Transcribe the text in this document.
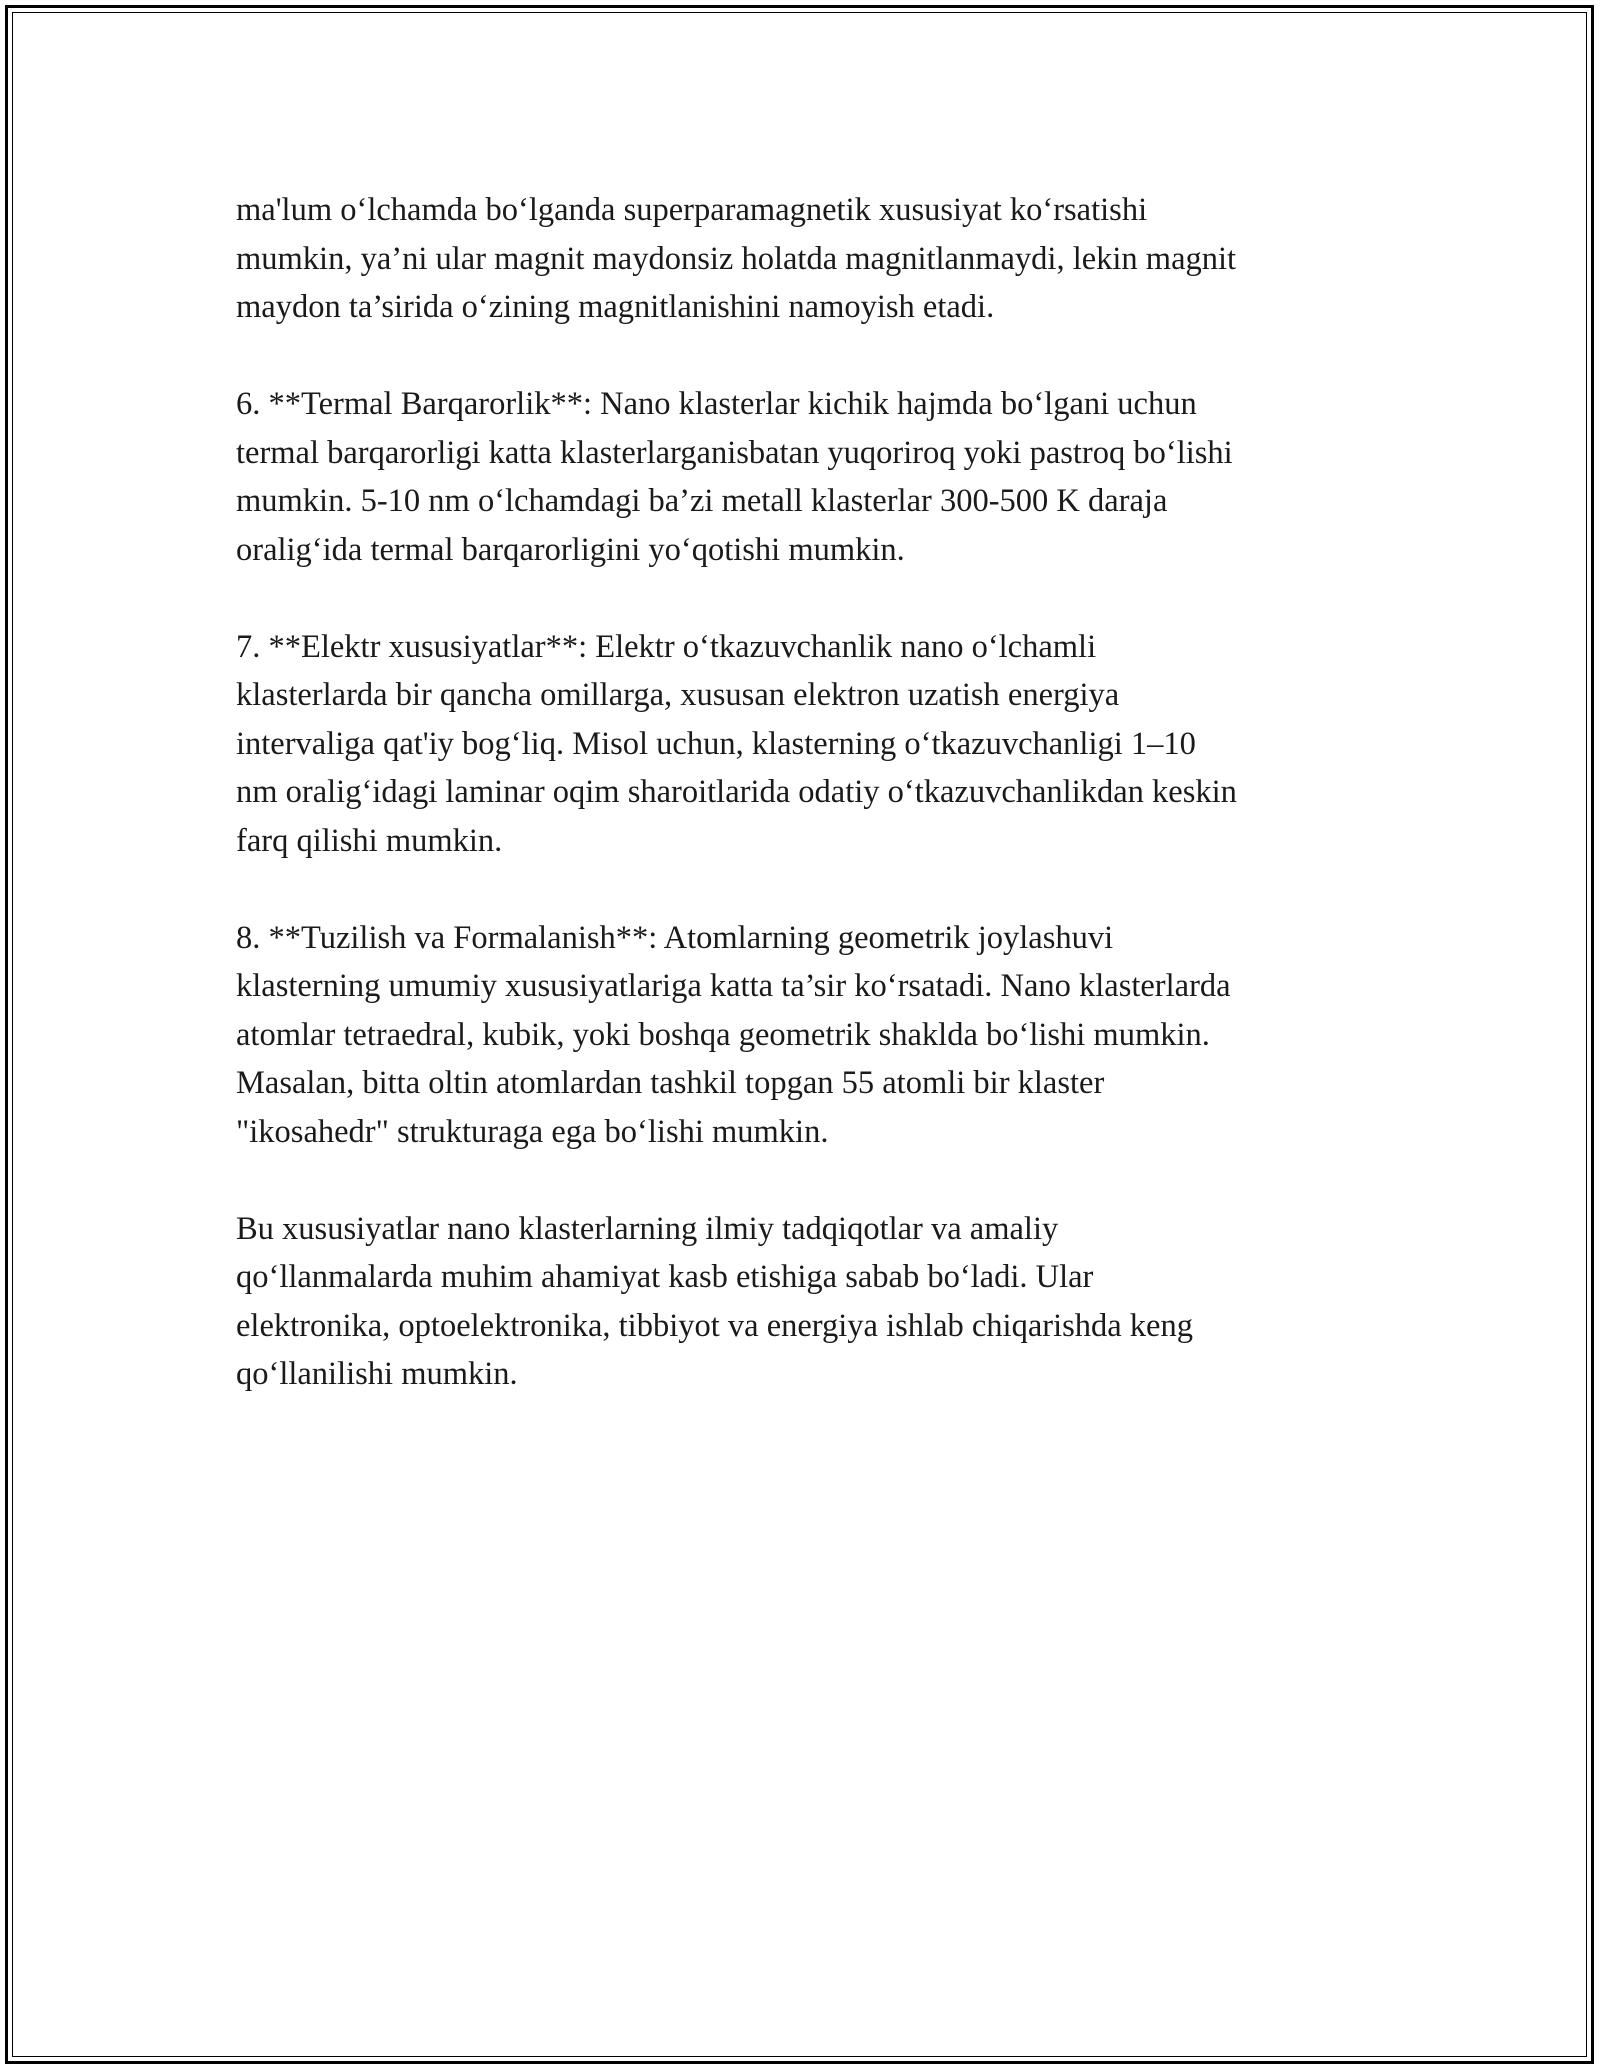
ma'lum o‘lchamda bo‘lganda superparamagnetik xususiyat ko‘rsatishi
mumkin, ya’ni ular magnit maydonsiz holatda magnitlanmaydi, lekin magnit
maydon ta’sirida o‘zining magnitlanishini namoyish etadi.

6. **Termal Barqarorlik**: Nano klasterlar kichik hajmda bo‘lgani uchun
termal barqarorligi katta klasterlarganisbatan yuqoriroq yoki pastroq bo‘lishi
mumkin. 5-10 nm o‘lchamdagi ba’zi metall klasterlar 300-500 K daraja
oralig‘ida termal barqarorligini yo‘qotishi mumkin.

7. **Elektr xususiyatlar**: Elektr o‘tkazuvchanlik nano o‘lchamli
klasterlarda bir qancha omillarga, xususan elektron uzatish energiya
intervaliga qat'iy bog‘liq. Misol uchun, klasterning o‘tkazuvchanligi 1–10
nm oralig‘idagi laminar oqim sharoitlarida odatiy o‘tkazuvchanlikdan keskin
farq qilishi mumkin.

8. **Tuzilish va Formalanish**: Atomlarning geometrik joylashuvi
klasterning umumiy xususiyatlariga katta ta’sir ko‘rsatadi. Nano klasterlarda
atomlar tetraedral, kubik, yoki boshqa geometrik shaklda bo‘lishi mumkin.
Masalan, bitta oltin atomlardan tashkil topgan 55 atomli bir klaster
"ikosahedr" strukturaga ega bo‘lishi mumkin.

Bu xususiyatlar nano klasterlarning ilmiy tadqiqotlar va amaliy
qo‘llanmalarda muhim ahamiyat kasb etishiga sabab bo‘ladi. Ular
elektronika, optoelektronika, tibbiyot va energiya ishlab chiqarishda keng
qo‘llanilishi mumkin.
